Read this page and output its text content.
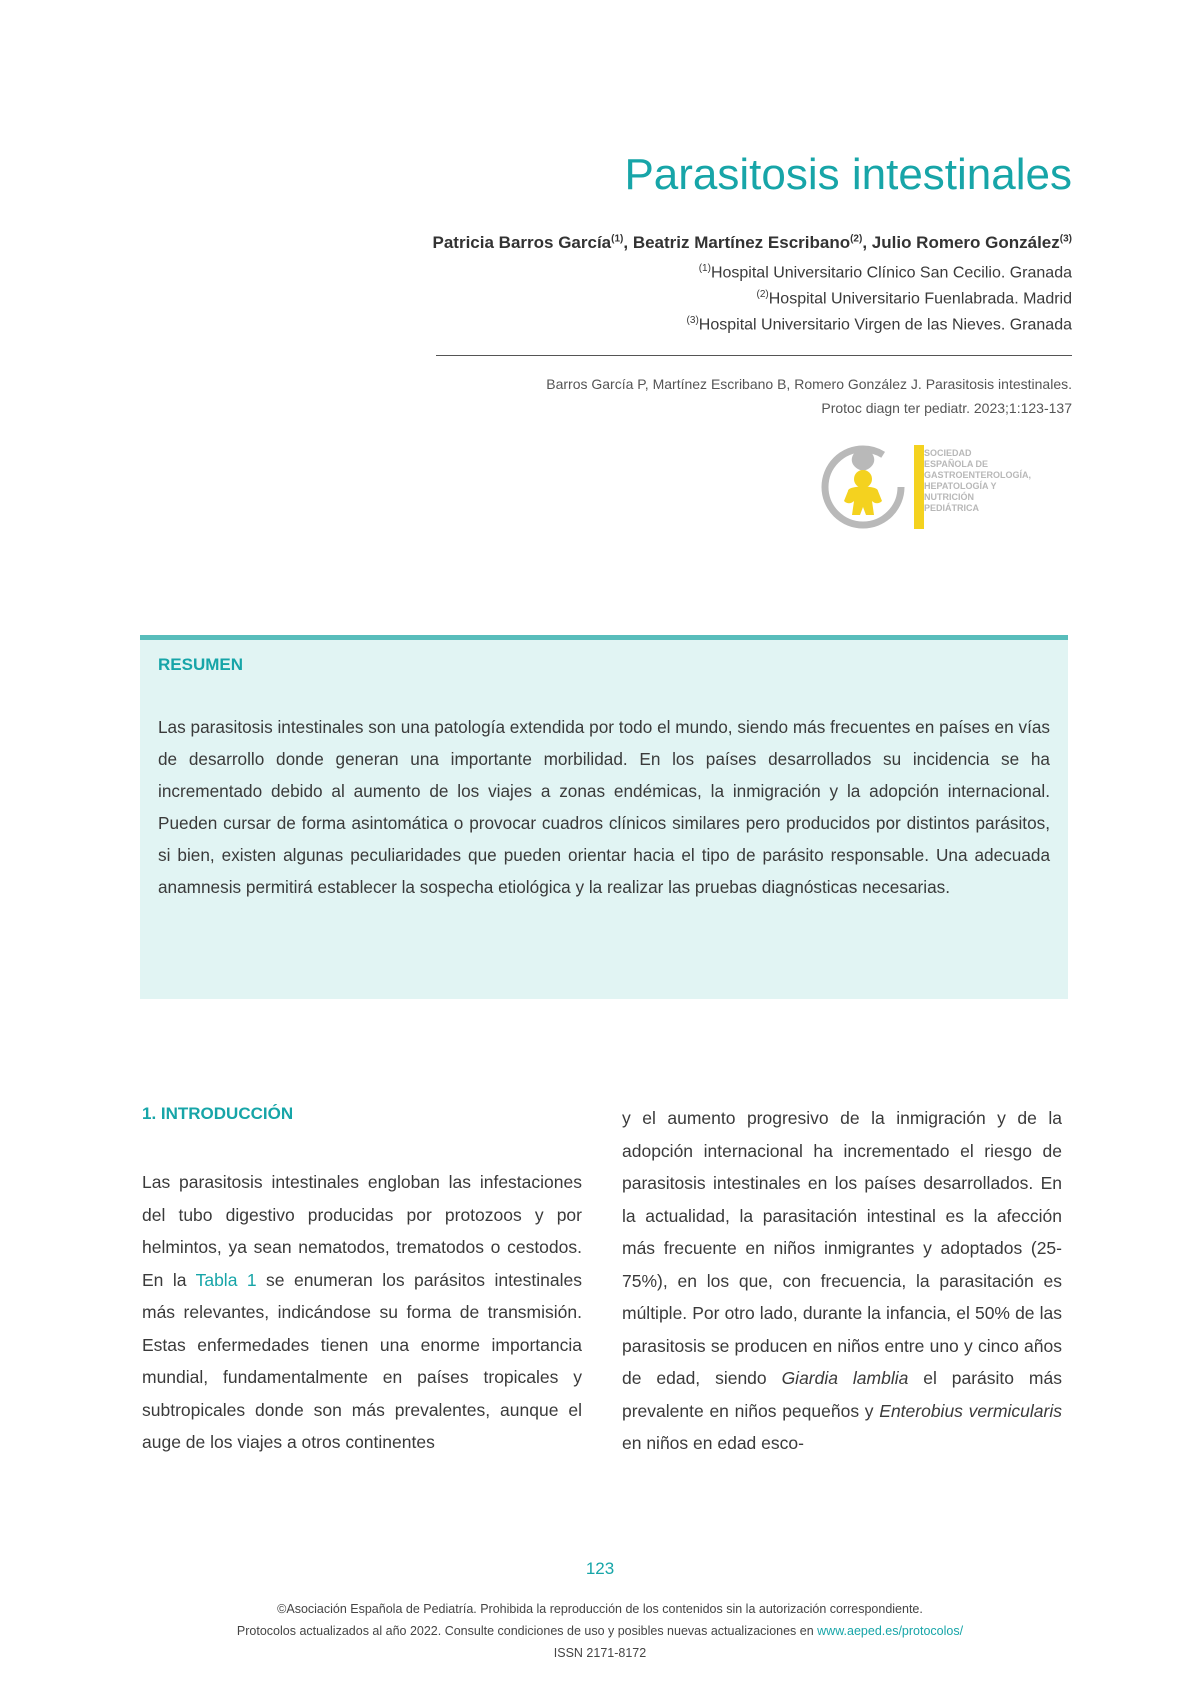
Parasitosis intestinales
Patricia Barros García$^{(1)}$, Beatriz Martínez Escribano$^{(2)}$, Julio Romero González$^{(3)}$
$^{(1)}$Hospital Universitario Clínico San Cecilio. Granada
$^{(2)}$Hospital Universitario Fuenlabrada. Madrid
$^{(3)}$Hospital Universitario Virgen de las Nieves. Granada
Barros García P, Martínez Escribano B, Romero González J. Parasitosis intestinales.
Protoc diagn ter pediatr. 2023;1:123-137
SOCIEDAD
ESPAÑOLA DE
GASTROENTEROLOGÍA,
HEPATOLOGÍA Y
NUTRICIÓN
PEDIÁTRICA
RESUMEN

Las parasitosis intestinales son una patología extendida por todo el mundo, siendo más frecuentes en países en vías de desarrollo donde generan una importante morbilidad. En los países desarrollados su incidencia se ha incrementado debido al aumento de los viajes a zonas endémicas, la inmigración y la adopción internacional. Pueden cursar de forma asintomática o provocar cuadros clínicos similares pero producidos por distintos parásitos, si bien, existen algunas peculiaridades que pueden orientar hacia el tipo de parásito responsable. Una adecuada anamnesis permitirá establecer la sospecha etiológica y la realizar las pruebas diagnósticas necesarias.

1. INTRODUCCIÓN

Las parasitosis intestinales engloban las infestaciones del tubo digestivo producidas por protozoos y por helmintos, ya sean nematodos, trematodos o cestodos. En la Tabla 1 se enumeran los parásitos intestinales más relevantes, indicándose su forma de transmisión. Estas enfermedades tienen una enorme importancia mundial, fundamentalmente en países tropicales y subtropicales donde son más prevalentes, aunque el auge de los viajes a otros continentes

y el aumento progresivo de la inmigración y de la adopción internacional ha incrementado el riesgo de parasitosis intestinales en los países desarrollados. En la actualidad, la parasitación intestinal es la afección más frecuente en niños inmigrantes y adoptados (25-75%), en los que, con frecuencia, la parasitación es múltiple. Por otro lado, durante la infancia, el 50% de las parasitosis se producen en niños entre uno y cinco años de edad, siendo Giardia lamblia el parásito más prevalente en niños pequeños y Enterobius vermicularis en niños en edad esco-

123
©Asociación Española de Pediatría. Prohibida la reproducción de los contenidos sin la autorización correspondiente.
Protocolos actualizados al año 2022. Consulte condiciones de uso y posibles nuevas actualizaciones en www.aeped.es/protocolos/
ISSN 2171-8172
